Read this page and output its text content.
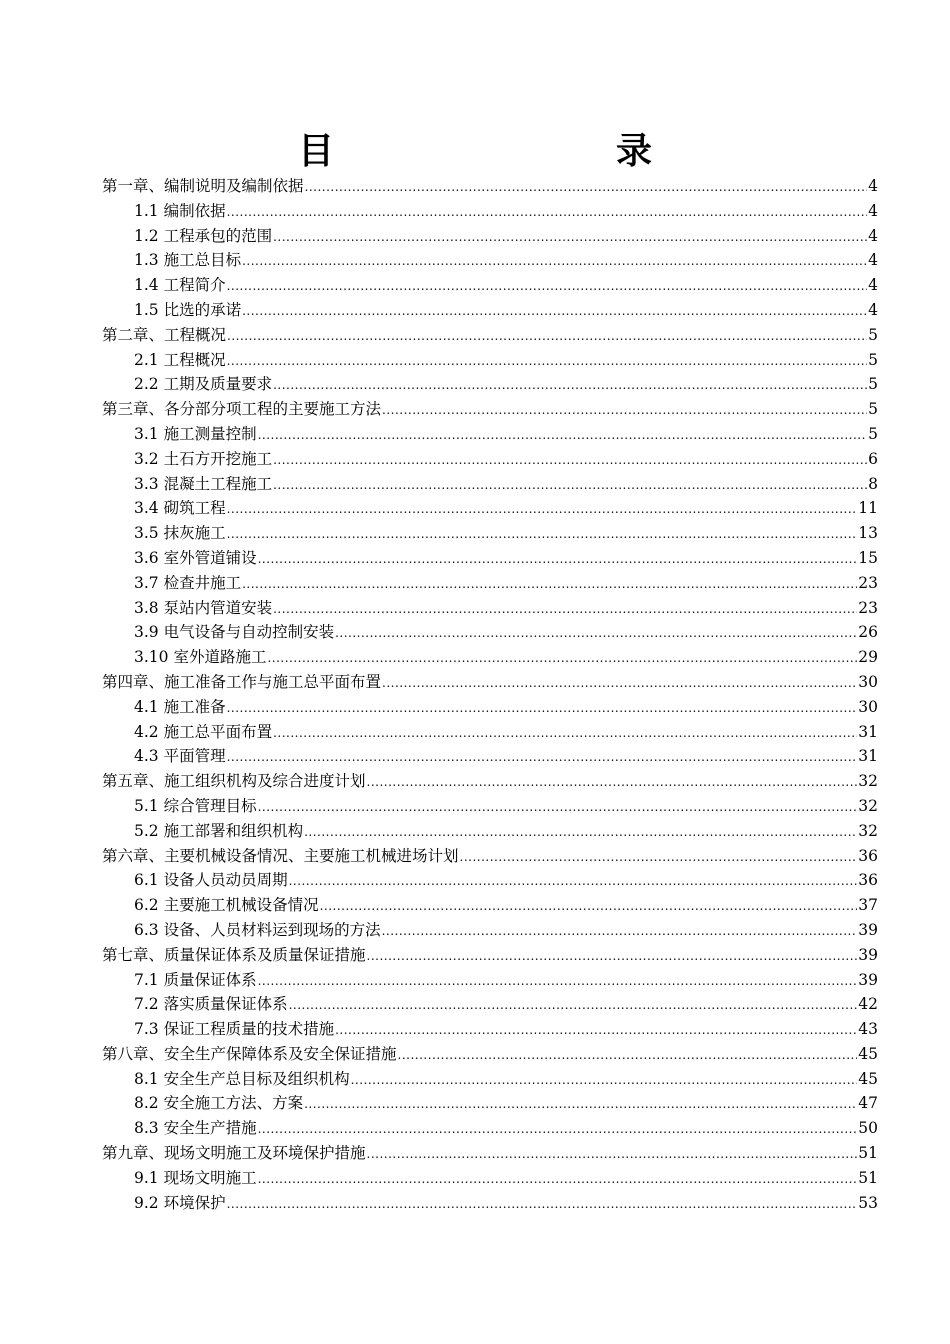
目　　录
第一章、编制说明及编制依据 .....	4
1.1 编制依据 .....	4
1.2 工程承包的范围 .....	4
1.3 施工总目标 .....	4
1.4 工程简介 .....	4
1.5 比选的承诺 .....	4
第二章、工程概况 .....	5
2.1 工程概况 .....	5
2.2 工期及质量要求 .....	5
第三章、各分部分项工程的主要施工方法 .....	5
3.1 施工测量控制 .....	5
3.2 土石方开挖施工 .....	6
3.3 混凝土工程施工 .....	8
3.4 砌筑工程 .....	11
3.5 抹灰施工 .....	13
3.6 室外管道铺设 .....	15
3.7 检查井施工 .....	23
3.8 泵站内管道安装 .....	23
3.9 电气设备与自动控制安装 .....	26
3.10 室外道路施工 .....	29
第四章、施工准备工作与施工总平面布置 .....	30
4.1 施工准备 .....	30
4.2 施工总平面布置 .....	31
4.3 平面管理 .....	31
第五章、施工组织机构及综合进度计划 .....	32
5.1 综合管理目标 .....	32
5.2 施工部署和组织机构 .....	32
第六章、主要机械设备情况、主要施工机械进场计划 .....	36
6.1 设备人员动员周期 .....	36
6.2 主要施工机械设备情况 .....	37
6.3 设备、人员材料运到现场的方法 .....	39
第七章、质量保证体系及质量保证措施 .....	39
7.1 质量保证体系 .....	39
7.2 落实质量保证体系 .....	42
7.3 保证工程质量的技术措施 .....	43
第八章、安全生产保障体系及安全保证措施 .....	45
8.1 安全生产总目标及组织机构 .....	45
8.2 安全施工方法、方案 .....	47
8.3 安全生产措施 .....	50
第九章、现场文明施工及环境保护措施 .....	51
9.1 现场文明施工 .....	51
9.2 环境保护 .....	53
